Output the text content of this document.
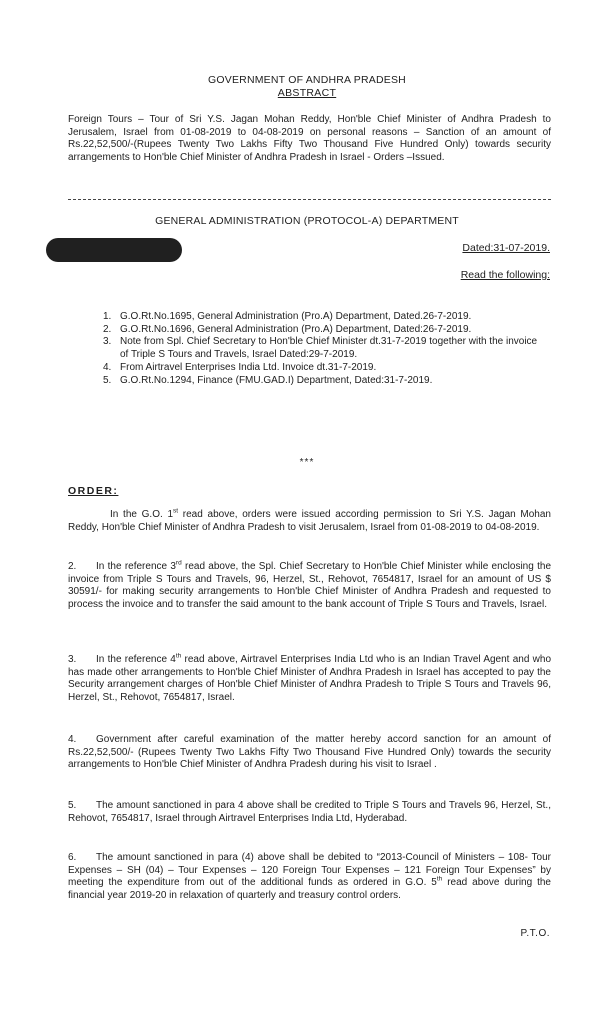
GOVERNMENT OF ANDHRA PRADESH
ABSTRACT
Foreign Tours – Tour of Sri Y.S. Jagan Mohan Reddy, Hon'ble Chief Minister of Andhra Pradesh to Jerusalem, Israel from 01-08-2019 to 04-08-2019 on personal reasons – Sanction of an amount of Rs.22,52,500/-(Rupees Twenty Two Lakhs Fifty Two Thousand Five Hundred Only) towards security arrangements to Hon'ble Chief Minister of Andhra Pradesh in Israel - Orders –Issued.
GENERAL ADMINISTRATION (PROTOCOL-A) DEPARTMENT
Dated:31-07-2019.
Read the following:
1. G.O.Rt.No.1695, General Administration (Pro.A) Department, Dated.26-7-2019.
2. G.O.Rt.No.1696, General Administration (Pro.A) Department, Dated:26-7-2019.
3. Note from Spl. Chief Secretary to Hon'ble Chief Minister dt.31-7-2019 together with the invoice of Triple S Tours and Travels, Israel Dated:29-7-2019.
4. From Airtravel Enterprises India Ltd. Invoice dt.31-7-2019.
5. G.O.Rt.No.1294, Finance (FMU.GAD.I) Department, Dated:31-7-2019.
***
ORDER:

In the G.O. 1st read above, orders were issued according permission to Sri Y.S. Jagan Mohan Reddy, Hon'ble Chief Minister of Andhra Pradesh to visit Jerusalem, Israel from 01-08-2019 to 04-08-2019.

2. In the reference 3rd read above, the Spl. Chief Secretary to Hon'ble Chief Minister while enclosing the invoice from Triple S Tours and Travels, 96, Herzel, St., Rehovot, 7654817, Israel for an amount of US $ 30591/- for making security arrangements to Hon'ble Chief Minister of Andhra Pradesh and requested to process the invoice and to transfer the said amount to the bank account of Triple S Tours and Travels, Israel.

3. In the reference 4th read above, Airtravel Enterprises India Ltd who is an Indian Travel Agent and who has made other arrangements to Hon'ble Chief Minister of Andhra Pradesh in Israel has accepted to pay the Security arrangement charges of Hon'ble Chief Minister of Andhra Pradesh to Triple S Tours and Travels 96, Herzel, St., Rehovot, 7654817, Israel.

4. Government after careful examination of the matter hereby accord sanction for an amount of Rs.22,52,500/- (Rupees Twenty Two Lakhs Fifty Two Thousand Five Hundred Only) towards the security arrangements to Hon'ble Chief Minister of Andhra Pradesh during his visit to Israel .

5. The amount sanctioned in para 4 above shall be credited to Triple S Tours and Travels 96, Herzel, St., Rehovot, 7654817, Israel through Airtravel Enterprises India Ltd, Hyderabad.

6. The amount sanctioned in para (4) above shall be debited to “2013-Council of Ministers – 108- Tour Expenses – SH (04) – Tour Expenses – 120 Foreign Tour Expenses – 121 Foreign Tour Expenses” by meeting the expenditure from out of the additional funds as ordered in G.O. 5th read above during the financial year 2019-20 in relaxation of quarterly and treasury control orders.

P.T.O.
